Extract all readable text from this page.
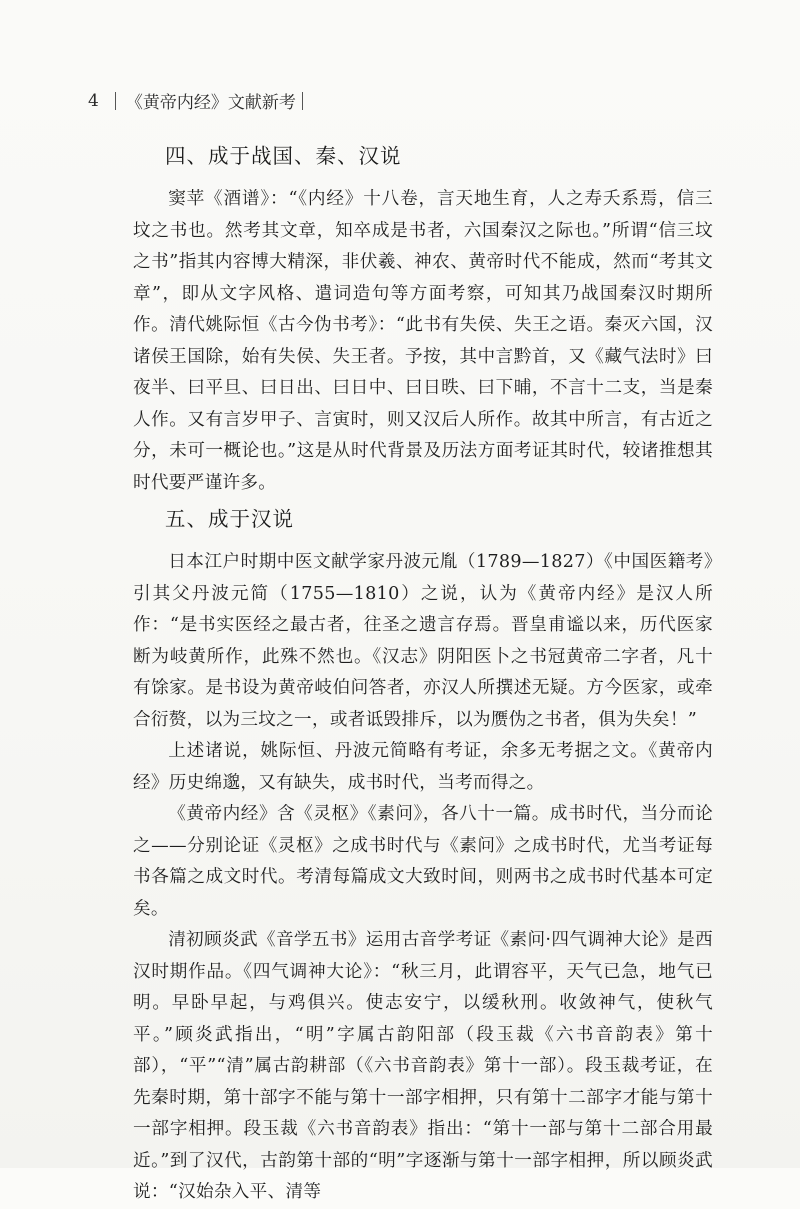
4 《黄帝内经》文献新考
四、成于战国、秦、汉说

窦苹《酒谱》：“《内经》十八卷，言天地生育，人之寿夭系焉，信三坟之书也。然考其文章，知卒成是书者，六国秦汉之际也。”所谓“信三坟之书”指其内容博大精深，非伏羲、神农、黄帝时代不能成，然而“考其文章”，即从文字风格、遣词造句等方面考察，可知其乃战国秦汉时期所作。清代姚际恒《古今伪书考》：“此书有失侯、失王之语。秦灭六国，汉诸侯王国除，始有失侯、失王者。予按，其中言黔首，又《藏气法时》曰夜半、曰平旦、曰日出、曰日中、曰日昳、曰下晡，不言十二支，当是秦人作。又有言岁甲子、言寅时，则又汉后人所作。故其中所言，有古近之分，未可一概论也。”这是从时代背景及历法方面考证其时代，较诸推想其时代要严谨许多。

五、成于汉说

日本江户时期中医文献学家丹波元胤（1789—1827）《中国医籍考》引其父丹波元简（1755—1810）之说，认为《黄帝内经》是汉人所作：“是书实医经之最古者，往圣之遗言存焉。晋皇甫谧以来，历代医家断为岐黄所作，此殊不然也。《汉志》阴阳医卜之书冠黄帝二字者，凡十有馀家。是书设为黄帝岐伯问答者，亦汉人所撰述无疑。方今医家，或牵合衍赘，以为三坟之一，或者诋毁排斥，以为赝伪之书者，俱为失矣！”

上述诸说，姚际恒、丹波元简略有考证，余多无考据之文。《黄帝内经》历史绵邈，又有缺失，成书时代，当考而得之。

《黄帝内经》含《灵枢》《素问》，各八十一篇。成书时代，当分而论之——分别论证《灵枢》之成书时代与《素问》之成书时代，尤当考证每书各篇之成文时代。考清每篇成文大致时间，则两书之成书时代基本可定矣。

清初顾炎武《音学五书》运用古音学考证《素问·四气调神大论》是西汉时期作品。《四气调神大论》：“秋三月，此谓容平，天气已急，地气已明。早卧早起，与鸡俱兴。使志安宁，以缓秋刑。收敛神气，使秋气平。”顾炎武指出，“明”字属古韵阳部（段玉裁《六书音韵表》第十部），“平”“清”属古韵耕部（《六书音韵表》第十一部）。段玉裁考证，在先秦时期，第十部字不能与第十一部字相押，只有第十二部字才能与第十一部字相押。段玉裁《六书音韵表》指出：“第十一部与第十二部合用最近。”到了汉代，古韵第十部的“明”字逐渐与第十一部字相押，所以顾炎武说：“汉始杂入平、清等
